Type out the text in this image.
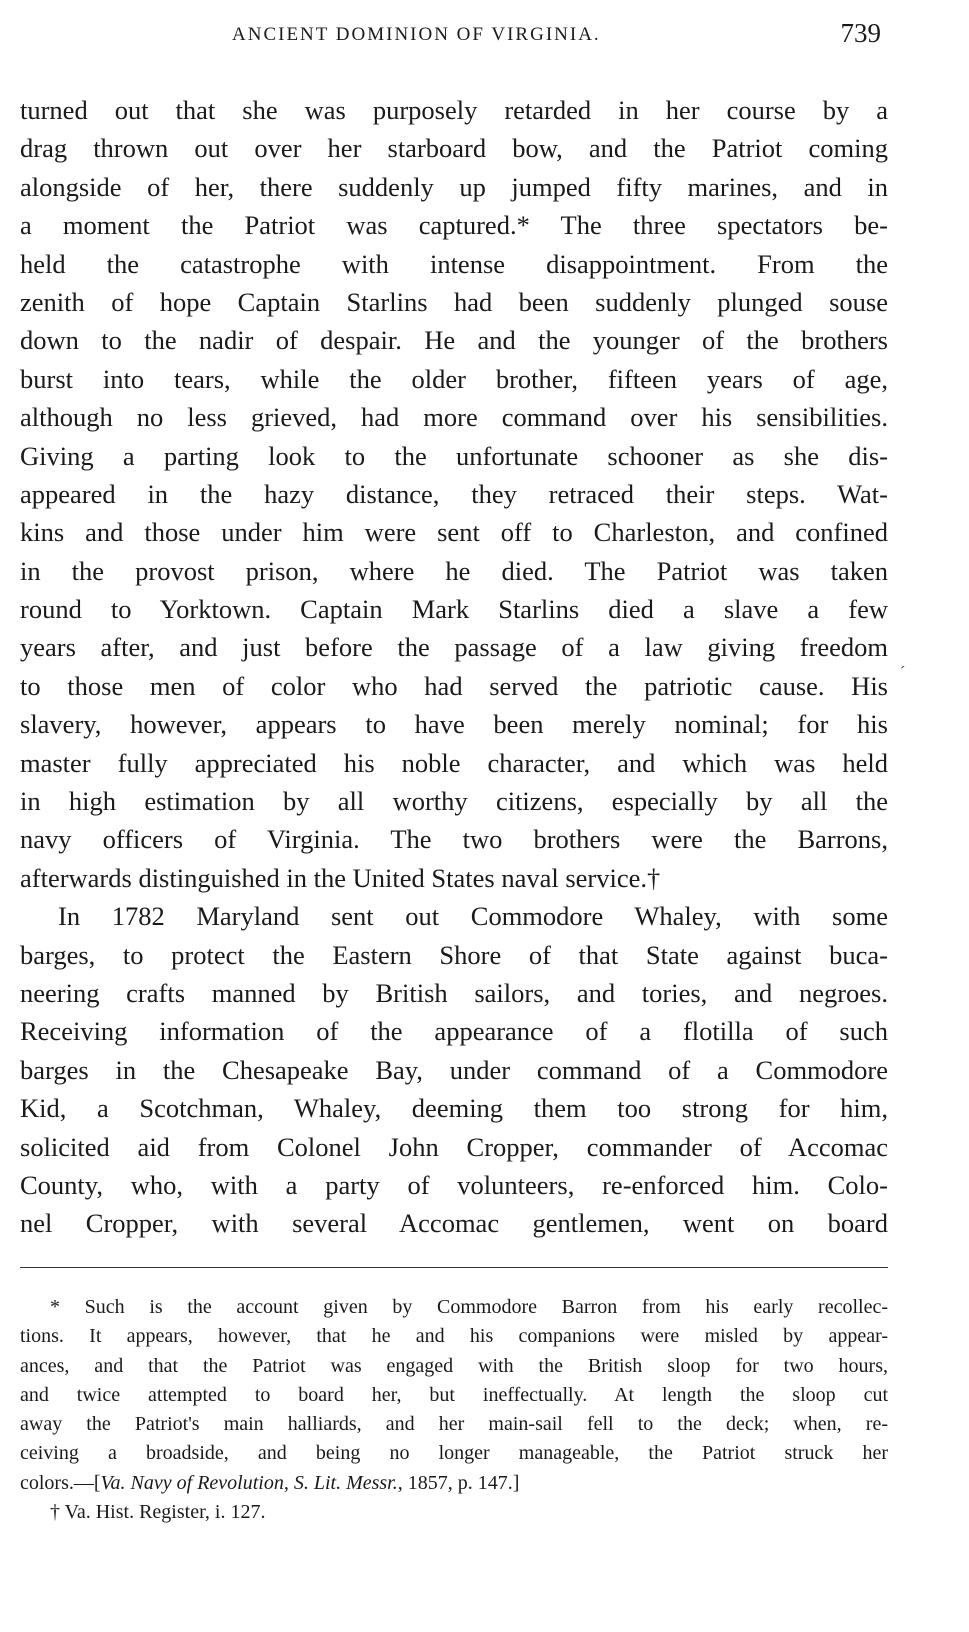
ANCIENT DOMINION OF VIRGINIA.	739
turned out that she was purposely retarded in her course by a
drag thrown out over her starboard bow, and the Patriot coming
alongside of her, there suddenly up jumped fifty marines, and in
a moment the Patriot was captured.* The three spectators be-
held the catastrophe with intense disappointment. From the
zenith of hope Captain Starlins had been suddenly plunged souse
down to the nadir of despair. He and the younger of the brothers
burst into tears, while the older brother, fifteen years of age,
although no less grieved, had more command over his sensibilities.
Giving a parting look to the unfortunate schooner as she dis-
appeared in the hazy distance, they retraced their steps. Wat-
kins and those under him were sent off to Charleston, and confined
in the provost prison, where he died. The Patriot was taken
round to Yorktown. Captain Mark Starlins died a slave a few
years after, and just before the passage of a law giving freedom
to those men of color who had served the patriotic cause. His
slavery, however, appears to have been merely nominal; for his
master fully appreciated his noble character, and which was held
in high estimation by all worthy citizens, especially by all the
navy officers of Virginia. The two brothers were the Barrons,
afterwards distinguished in the United States naval service.†
In 1782 Maryland sent out Commodore Whaley, with some
barges, to protect the Eastern Shore of that State against buca-
neering crafts manned by British sailors, and tories, and negroes.
Receiving information of the appearance of a flotilla of such
barges in the Chesapeake Bay, under command of a Commodore
Kid, a Scotchman, Whaley, deeming them too strong for him,
solicited aid from Colonel John Cropper, commander of Accomac
County, who, with a party of volunteers, re-enforced him. Colo-
nel Cropper, with several Accomac gentlemen, went on board
´
* Such is the account given by Commodore Barron from his early recollec-
tions. It appears, however, that he and his companions were misled by appear-
ances, and that the Patriot was engaged with the British sloop for two hours,
and twice attempted to board her, but ineffectually. At length the sloop cut
away the Patriot's main halliards, and her main-sail fell to the deck; when, re-
ceiving a broadside, and being no longer manageable, the Patriot struck her
colors.—[Va. Navy of Revolution, S. Lit. Messr., 1857, p. 147.]
† Va. Hist. Register, i. 127.
